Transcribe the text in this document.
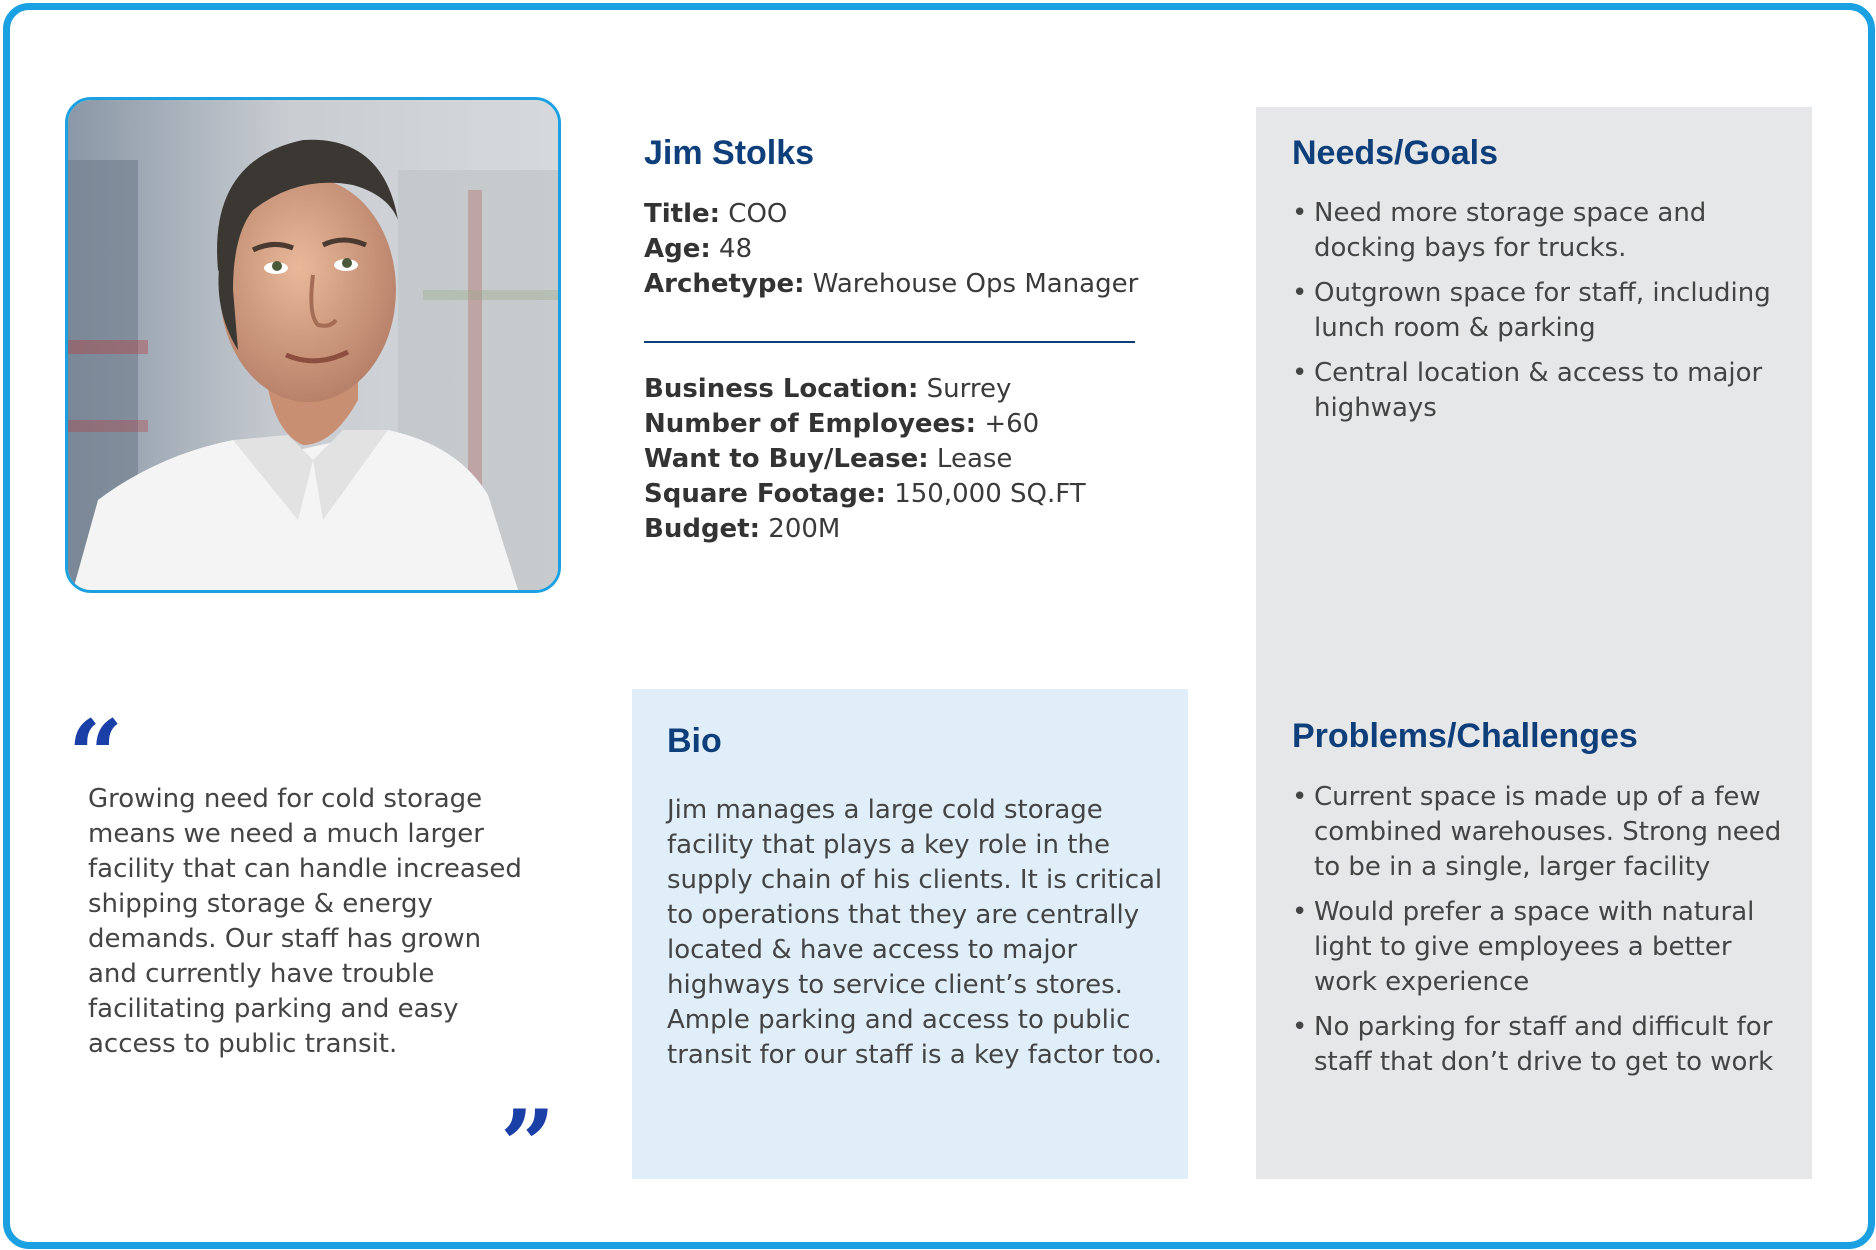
Jim Stolks
Title: COO
Age: 48
Archetype: Warehouse Ops Manager
Business Location: Surrey
Number of Employees: +60
Want to Buy/Lease: Lease
Square Footage: 150,000 SQ.FT
Budget: 200M
Needs/Goals
• Need more storage space and docking bays for trucks.
• Outgrown space for staff, including lunch room & parking
• Central location & access to major highways
Problems/Challenges
• Current space is made up of a few combined warehouses. Strong need to be in a single, larger facility
• Would prefer a space with natural light to give employees a better work experience
• No parking for staff and difficult for staff that don’t drive to get to work
Bio

Jim manages a large cold storage facility that plays a key role in the supply chain of his clients. It is critical to operations that they are centrally located & have access to major highways to service client’s stores. Ample parking and access to public transit for our staff is a key factor too.

“

Growing need for cold storage means we need a much larger facility that can handle increased shipping storage & energy demands. Our staff has grown and currently have trouble facilitating parking and easy access to public transit.

”
